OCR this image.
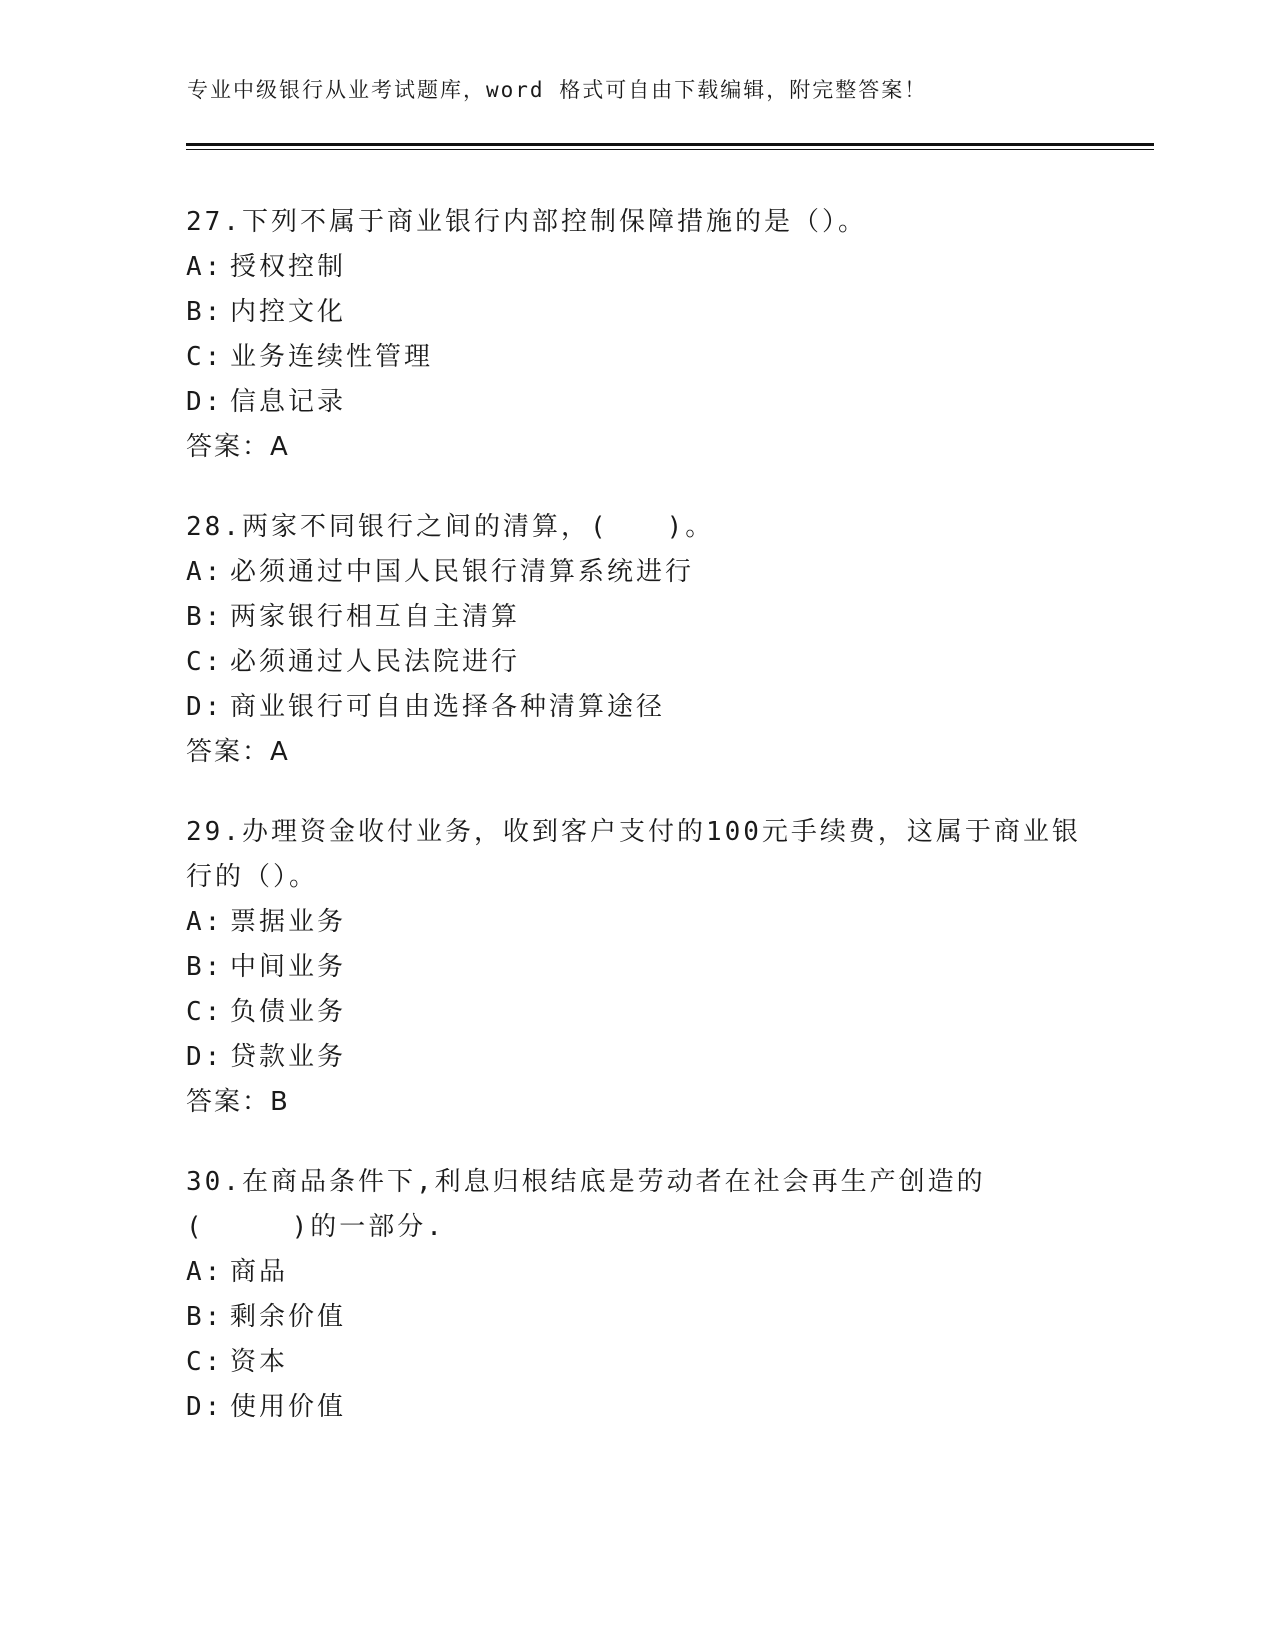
专业中级银行从业考试题库，word 格式可自由下载编辑，附完整答案！

27.下列不属于商业银行内部控制保障措施的是（）。

A: 授权控制
B: 内控文化
C: 业务连续性管理
D: 信息记录
答案：A

28.两家不同银行之间的清算，(　　)。

A: 必须通过中国人民银行清算系统进行
B: 两家银行相互自主清算
C: 必须通过人民法院进行
D: 商业银行可自由选择各种清算途径
答案：A

29.办理资金收付业务，收到客户支付的100元手续费，这属于商业银行的（）。

A: 票据业务
B: 中间业务
C: 负债业务
D: 贷款业务
答案：B

30.在商品条件下,利息归根结底是劳动者在社会再生产创造的(　　　)的一部分.

A: 商品
B: 剩余价值
C: 资本
D: 使用价值
